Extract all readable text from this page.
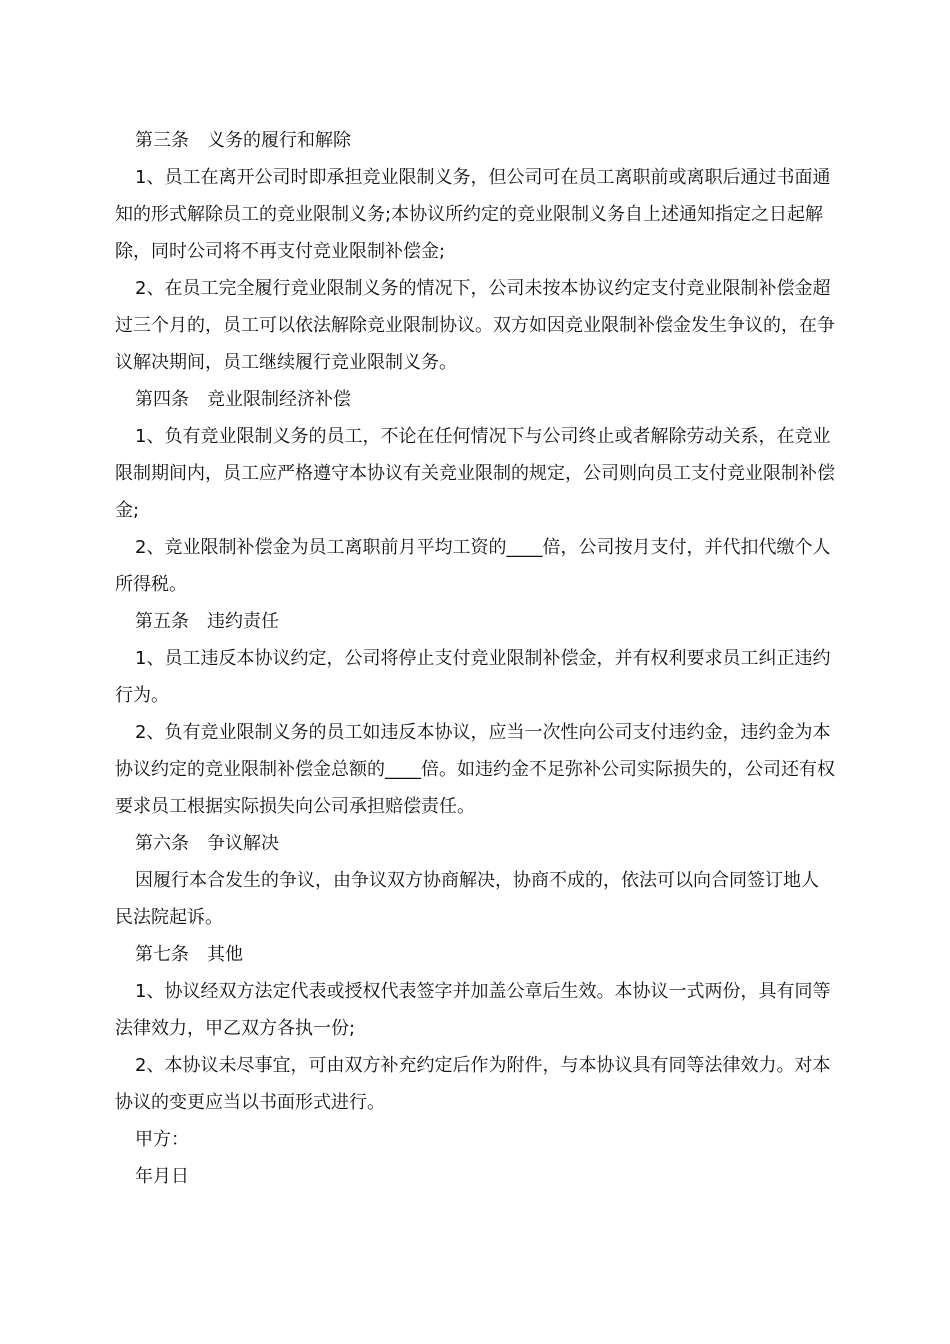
第三条　义务的履行和解除

1、员工在离开公司时即承担竞业限制义务，但公司可在员工离职前或离职后通过书面通知的形式解除员工的竞业限制义务;本协议所约定的竞业限制义务自上述通知指定之日起解除，同时公司将不再支付竞业限制补偿金;

2、在员工完全履行竞业限制义务的情况下，公司未按本协议约定支付竞业限制补偿金超过三个月的，员工可以依法解除竞业限制协议。双方如因竞业限制补偿金发生争议的，在争议解决期间，员工继续履行竞业限制义务。

第四条　竞业限制经济补偿

1、负有竞业限制义务的员工，不论在任何情况下与公司终止或者解除劳动关系，在竞业限制期间内，员工应严格遵守本协议有关竞业限制的规定，公司则向员工支付竞业限制补偿金;

2、竞业限制补偿金为员工离职前月平均工资的____倍，公司按月支付，并代扣代缴个人所得税。

第五条　违约责任

1、员工违反本协议约定，公司将停止支付竞业限制补偿金，并有权利要求员工纠正违约行为。

2、负有竞业限制义务的员工如违反本协议，应当一次性向公司支付违约金，违约金为本协议约定的竞业限制补偿金总额的____倍。如违约金不足弥补公司实际损失的，公司还有权要求员工根据实际损失向公司承担赔偿责任。

第六条　争议解决

因履行本合发生的争议，由争议双方协商解决，协商不成的，依法可以向合同签订地人民法院起诉。

第七条　其他

1、协议经双方法定代表或授权代表签字并加盖公章后生效。本协议一式两份，具有同等法律效力，甲乙双方各执一份;

2、本协议未尽事宜，可由双方补充约定后作为附件，与本协议具有同等法律效力。对本协议的变更应当以书面形式进行。

甲方：

年月日
